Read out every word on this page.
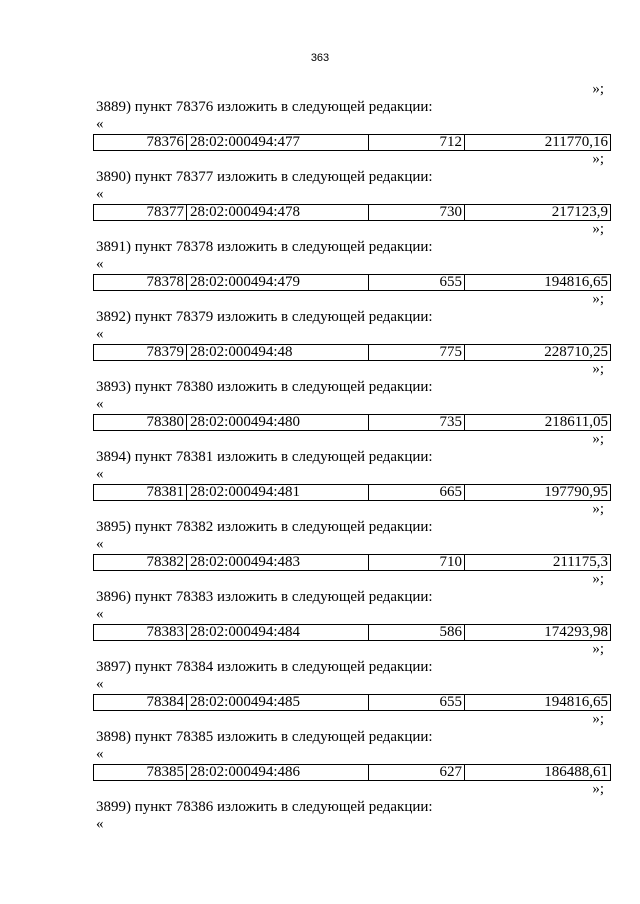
363
»;
3889) пункт 78376 изложить в следующей редакции:
«
78376	28:02:000494:477	712	211770,16
»;
3890) пункт 78377 изложить в следующей редакции:
«
78377	28:02:000494:478	730	217123,9
»;
3891) пункт 78378 изложить в следующей редакции:
«
78378	28:02:000494:479	655	194816,65
»;
3892) пункт 78379 изложить в следующей редакции:
«
78379	28:02:000494:48	775	228710,25
»;
3893) пункт 78380 изложить в следующей редакции:
«
78380	28:02:000494:480	735	218611,05
»;
3894) пункт 78381 изложить в следующей редакции:
«
78381	28:02:000494:481	665	197790,95
»;
3895) пункт 78382 изложить в следующей редакции:
«
78382	28:02:000494:483	710	211175,3
»;
3896) пункт 78383 изложить в следующей редакции:
«
78383	28:02:000494:484	586	174293,98
»;
3897) пункт 78384 изложить в следующей редакции:
«
78384	28:02:000494:485	655	194816,65
»;
3898) пункт 78385 изложить в следующей редакции:
«
78385	28:02:000494:486	627	186488,61
»;
3899) пункт 78386 изложить в следующей редакции:
«
